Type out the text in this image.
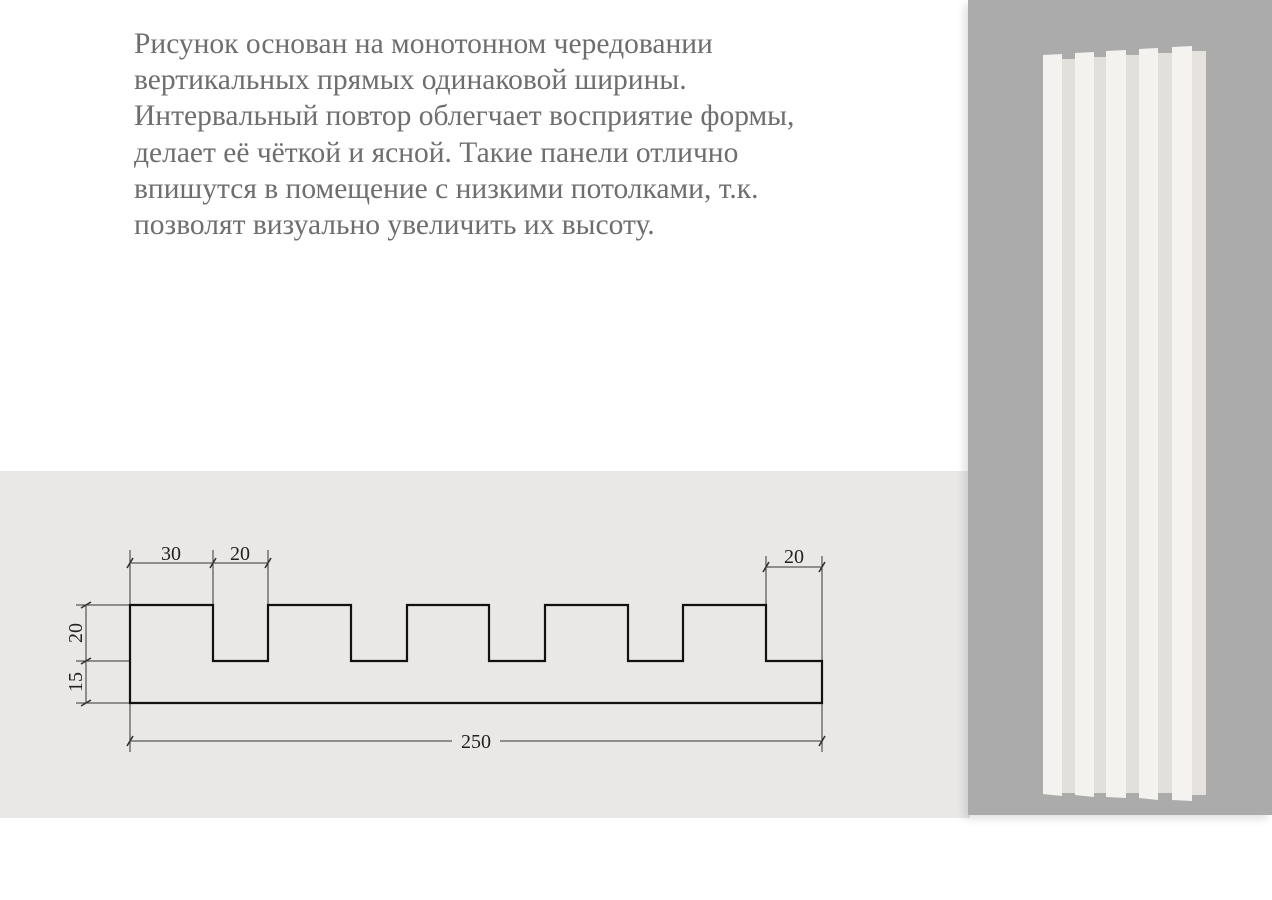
Рисунок основан на монотонном чередовании
вертикальных прямых одинаковой ширины.
Интервальный повтор облегчает восприятие формы,
делает её чёткой и ясной. Такие панели отлично
впишутся в помещение с низкими потолками, т.к.
позволят визуально увеличить их высоту.
30 20	20
250
20
15
